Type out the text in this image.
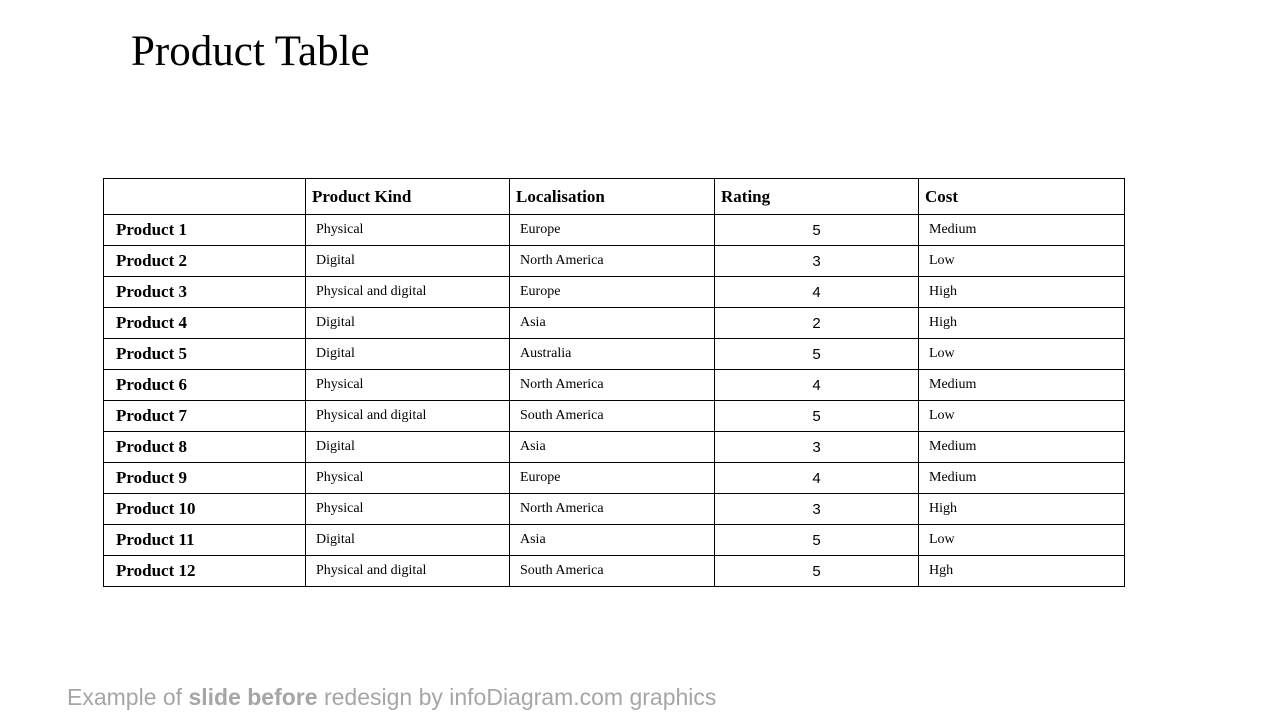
Product Table
	Product Kind	Localisation	Rating	Cost
Product 1	Physical	Europe	5	Medium
Product 2	Digital	North America	3	Low
Product 3	Physical and digital	Europe	4	High
Product 4	Digital	Asia	2	High
Product 5	Digital	Australia	5	Low
Product 6	Physical	North America	4	Medium
Product 7	Physical and digital	South America	5	Low
Product 8	Digital	Asia	3	Medium
Product 9	Physical	Europe	4	Medium
Product 10	Physical	North America	3	High
Product 11	Digital	Asia	5	Low
Product 12	Physical and digital	South America	5	Hgh

Example of slide before redesign by infoDiagram.com graphics
